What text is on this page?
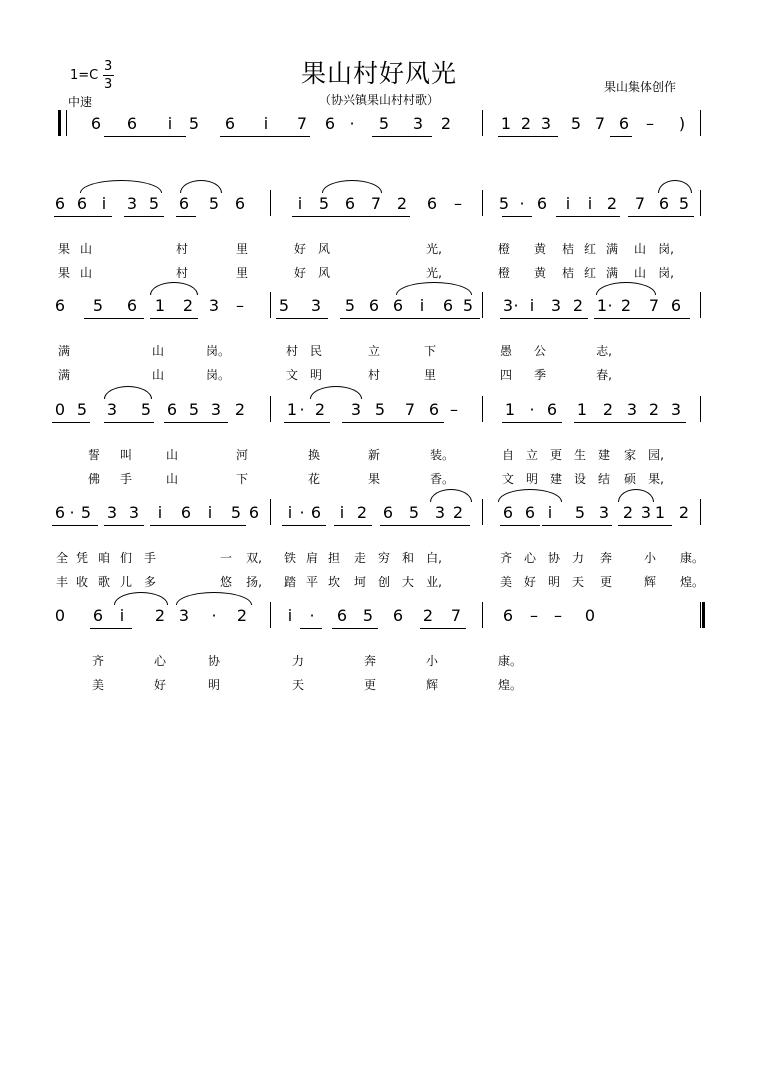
果山村好风光
（协兴镇果山村村歌）
果山集体创作
1=C
3
3
中速
6 6	i	5 6	i	7 6 ·	5 3 2	1 2 3 5 7 6 –	)
6 6 i	3 5 6 5 6	i	5 6 7 2 6 – 5 · 6	i	i 2 7 6 5
果 山	村	里	好 风	光,	橙 黄 桔 红 满 山 岗,
果 山	村	里	好 风	光,	橙 黄 桔 红 满 山 岗,
6 5 6 1 2 3 – 5 3 5 6 6	i	6 5 3 · i	3 2 1 · 2 7 6
满	山	岗。	村 民	立	下	愚 公	志,
满	山	岗。	文 明	村	里	四 季	春,
0 5 3 5 6 5 3 2	1 · 2 3 5 7 6 –	1 · 6 1 2 3 2 3
誓 叫	山	河	换	新	装。	自 立 更 生 建 家 园,
佛 手	山	下	花	果	香。	文 明 建 设 结 硕 果,
6 · 5 3 3	i	6	i	5 6	i · 6	i 2 6 5 3 2 6 6 i	5 3 2 3 1 2
全 凭 咱 们 手	一 双, 铁 肩 担 走 穷 和 白,	齐 心 协 力 奔	小 康。
丰 收 歌 儿 多	悠 扬, 踏 平 坎 坷 创 大 业,	美 好 明 天 更	辉 煌。
0 6	i	2 3	·	2	i	·	6 5 6 2 7	6 – – 0
齐	心	协	力	奔	小	康。
美	好	明	天	更	辉	煌。
